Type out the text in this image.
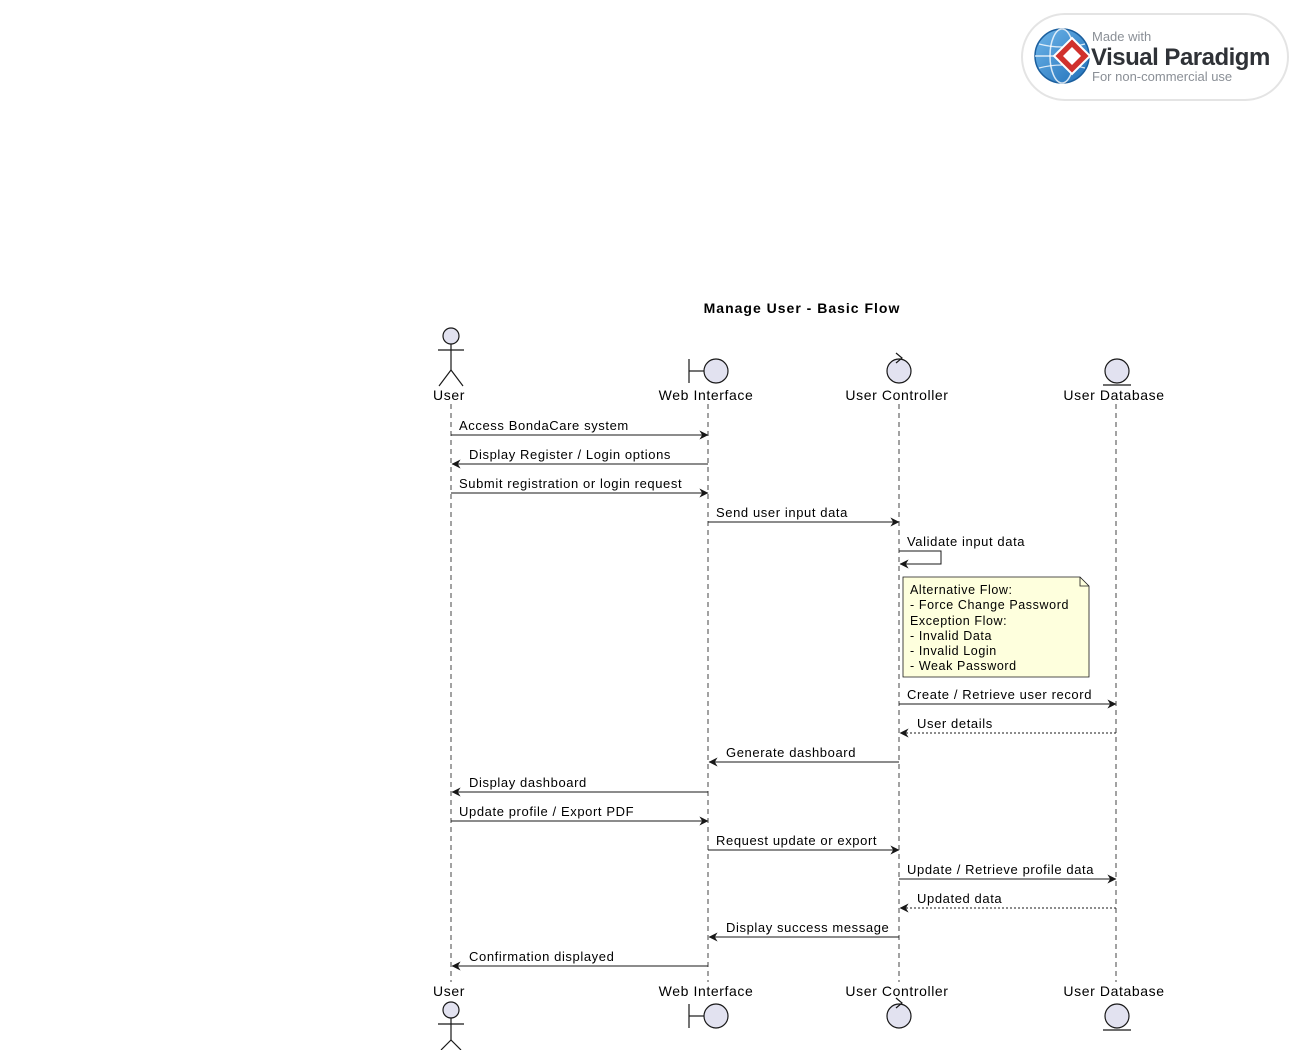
Made with
Visual Paradigm
For non-commercial use
Manage User - Basic Flow
User	Web Interface	User Controller	User Database
User	Web Interface	User Controller	User Database
Access BondaCare system
Display Register / Login options
Submit registration or login request
Send user input data
Validate input data
Alternative Flow:
- Force Change Password
Exception Flow:
- Invalid Data
- Invalid Login
- Weak Password
Create / Retrieve user record
User details
Generate dashboard
Display dashboard
Update profile / Export PDF
Request update or export
Update / Retrieve profile data
Updated data
Display success message
Confirmation displayed
